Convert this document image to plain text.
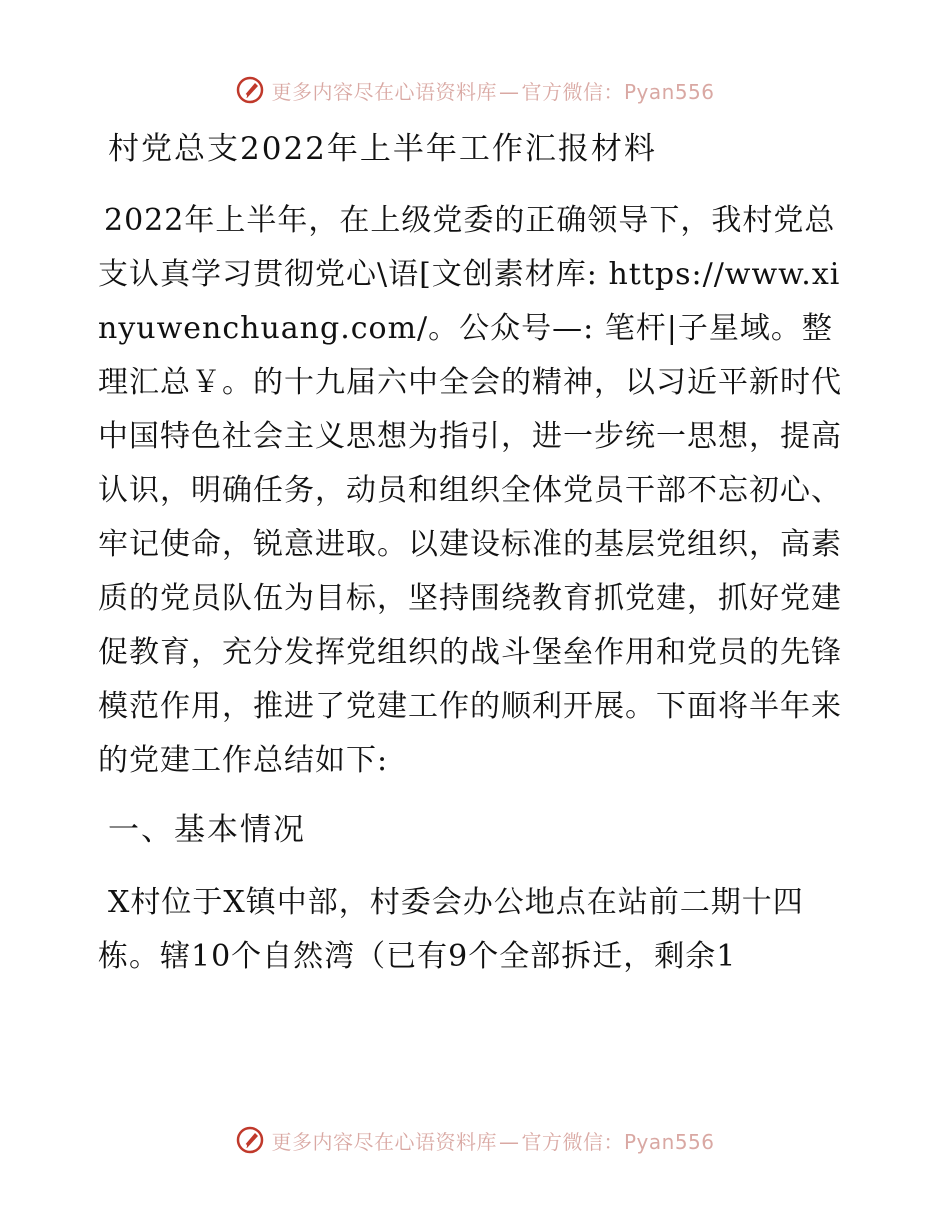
更多内容尽在心语资料库 — 官方微信：Pyan556
村党总支2022年上半年工作汇报材料

2022年上半年，在上级党委的正确领导下，我村党总支认真学习贯彻党心\语[文创素材库: https://www.xinyuwenchuang.com/。公众号—: 笔杆|子星域。整理汇总￥。的十九届六中全会的精神，以习近平新时代中国特色社会主义思想为指引，进一步统一思想，提高认识，明确任务，动员和组织全体党员干部不忘初心、牢记使命，锐意进取。以建设标准的基层党组织，高素质的党员队伍为目标，坚持围绕教育抓党建，抓好党建促教育，充分发挥党组织的战斗堡垒作用和党员的先锋模范作用，推进了党建工作的顺利开展。下面将半年来的党建工作总结如下:

一、基本情况

X村位于X镇中部，村委会办公地点在站前二期十四栋。辖10个自然湾（已有9个全部拆迁，剩余1

更多内容尽在心语资料库 — 官方微信：Pyan556
